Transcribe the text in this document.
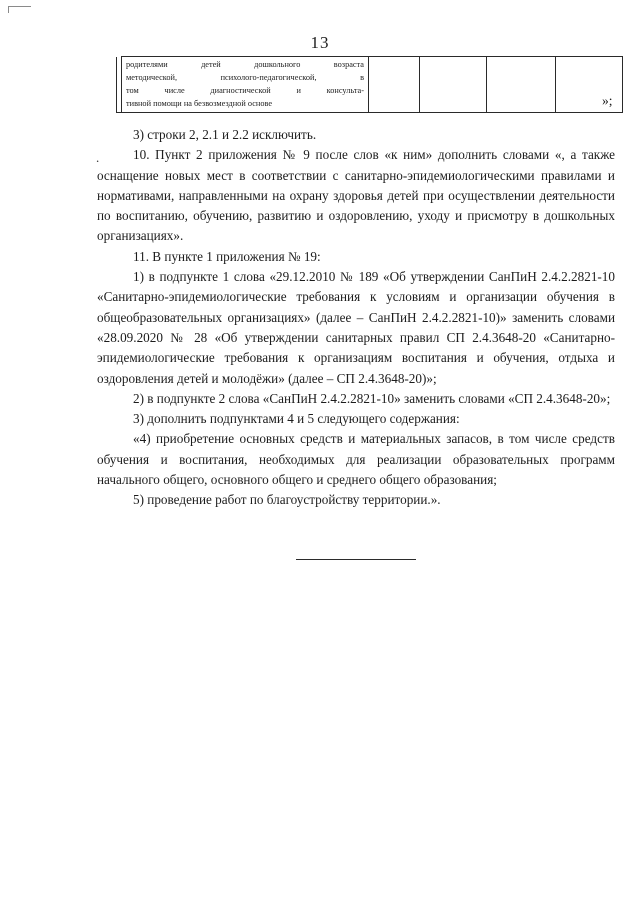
13

родителями детей дошкольного возраста
методической, психолого-педагогической, в
том числе диагностической и консульта-
тивной помощи на безвозмездной основе
					»;
.

3) строки 2, 2.1 и 2.2 исключить.

10. Пункт 2 приложения № 9 после слов «к ним» дополнить словами «, а также оснащение новых мест в соответствии с санитарно-эпидемиологическими правилами и нормативами, направленными на охрану здоровья детей при осуществлении деятельности по воспитанию, обучению, развитию и оздоровлению, уходу и присмотру в дошкольных организациях».

11. В пункте 1 приложения № 19:

1) в подпункте 1 слова «29.12.2010 № 189 «Об утверждении СанПиН 2.4.2.2821-10 «Санитарно-эпидемиологические требования к условиям и организации обучения в общеобразовательных организациях» (далее – СанПиН 2.4.2.2821-10)» заменить словами «28.09.2020 № 28 «Об утверждении санитарных правил СП 2.4.3648-20 «Санитарно-эпидемиологические требования к организациям воспитания и обучения, отдыха и оздоровления детей и молодёжи» (далее – СП 2.4.3648-20)»;

2) в подпункте 2 слова «СанПиН 2.4.2.2821-10» заменить словами «СП 2.4.3648-20»;

3) дополнить подпунктами 4 и 5 следующего содержания:

«4) приобретение основных средств и материальных запасов, в том числе средств обучения и воспитания, необходимых для реализации образовательных программ начального общего, основного общего и среднего общего образования;

5) проведение работ по благоустройству территории.».
